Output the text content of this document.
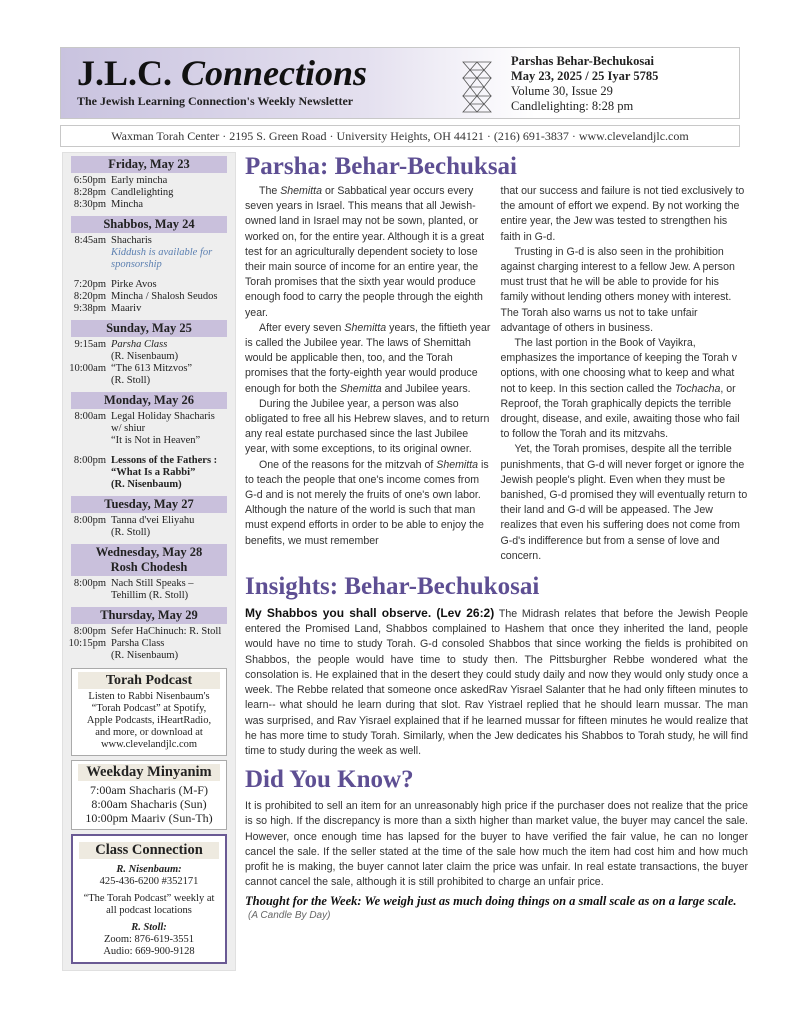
J.L.C. Connections
The Jewish Learning Connection's Weekly Newsletter
Parshas Behar-Bechukosai
May 23, 2025 / 25 Iyar 5785
Volume 30, Issue 29
Candlelighting: 8:28 pm
Waxman Torah Center · 2195 S. Green Road · University Heights, OH 44121 · (216) 691-3837 · www.clevelandjlc.com
Friday, May 23
6:50pm Early mincha
8:28pm Candlelighting
8:30pm Mincha
Shabbos, May 24
8:45am Shacharis
Kiddush is available for sponsorship
7:20pm Pirke Avos
8:20pm Mincha / Shalosh Seudos
9:38pm Maariv
Sunday, May 25
9:15am Parsha Class
(R. Nisenbaum)
10:00am “The 613 Mitzvos”
(R. Stoll)
Monday, May 26
8:00am Legal Holiday Shacharis
w/ shiur
“It is Not in Heaven”
8:00pm Lessons of the Fathers :
“What Is a Rabbi”
(R. Nisenbaum)
Tuesday, May 27
8:00pm Tanna d'vei Eliyahu
(R. Stoll)
Wednesday, May 28
Rosh Chodesh
8:00pm Nach Still Speaks –
Tehillim (R. Stoll)
Thursday, May 29
8:00pm Sefer HaChinuch: R. Stoll
10:15pm Parsha Class
(R. Nisenbaum)
Torah Podcast
Listen to Rabbi Nisenbaum's “Torah Podcast” at Spotify, Apple Podcasts, iHeartRadio, and more, or download at www.clevelandjlc.com
Weekday Minyanim
7:00am Shacharis (M-F)
8:00am Shacharis (Sun)
10:00pm Maariv (Sun-Th)
Class Connection
R. Nisenbaum:
425-436-6200 #352171
“The Torah Podcast” weekly at all podcast locations
R. Stoll:
Zoom: 876-619-3551
Audio: 669-900-9128
Parsha: Behar-Bechuksai

The Shemitta or Sabbatical year occurs every seven years in Israel. This means that all Jewish-owned land in Israel may not be sown, planted, or worked on, for the entire year. Although it is a great test for an agriculturally dependent society to lose their main source of income for an entire year, the Torah promises that the sixth year would produce enough food to carry the people through the eighth year.

After every seven Shemitta years, the fiftieth year is called the Jubilee year. The laws of Shemittah would be applicable then, too, and the Torah promises that the forty-eighth year would produce enough for both the Shemitta and Jubilee years.

During the Jubilee year, a person was also obligated to free all his Hebrew slaves, and to return any real estate purchased since the last Jubilee year, with some exceptions, to its original owner.

One of the reasons for the mitzvah of Shemitta is to teach the people that one's income comes from G-d and is not merely the fruits of one's own labor. Although the nature of the world is such that man must expend efforts in order to be able to enjoy the benefits, we must remember

that our success and failure is not tied exclusively to the amount of effort we expend. By not working the entire year, the Jew was tested to strengthen his faith in G-d.

Trusting in G-d is also seen in the prohibition against charging interest to a fellow Jew. A person must trust that he will be able to provide for his family without lending others money with interest. The Torah also warns us not to take unfair advantage of others in business.

The last portion in the Book of Vayikra, emphasizes the importance of keeping the Torah v options, with one choosing what to keep and what not to keep. In this section called the Tochacha, or Reproof, the Torah graphically depicts the terrible drought, disease, and exile, awaiting those who fail to follow the Torah and its mitzvahs.

Yet, the Torah promises, despite all the terrible punishments, that G-d will never forget or ignore the Jewish people's plight. Even when they must be banished, G-d promised they will eventually return to their land and G-d will be appeased. The Jew realizes that even his suffering does not come from G-d's indifference but from a sense of love and concern.

Insights: Behar-Bechukosai
My Shabbos you shall observe. (Lev 26:2) The Midrash relates that before the Jewish People entered the Promised Land, Shabbos complained to Hashem that once they inherited the land, people would have no time to study Torah. G-d consoled Shabbos that since working the fields is prohibited on Shabbos, the people would have time to study then. The Pittsburgher Rebbe wondered what the consolation is. He explained that in the desert they could study daily and now they would only study once a week. The Rebbe related that someone once askedRav Yisrael Salanter that he had only fifteen minutes to learn-- what should he learn during that slot. Rav Yistrael replied that he should learn mussar. The man was surprised, and Rav Yisrael explained that if he learned mussar for fifteen minutes he would realize that he has more time to study Torah. Similarly, when the Jew dedicates his Shabbos to Torah study, he will find time to study during the week as well.
Did You Know?
It is prohibited to sell an item for an unreasonably high price if the purchaser does not realize that the price is so high. If the discrepancy is more than a sixth higher than market value, the buyer may cancel the sale. However, once enough time has lapsed for the buyer to have verified the fair value, he can no longer cancel the sale. If the seller stated at the time of the sale how much the item had cost him and how much profit he is making, the buyer cannot later claim the price was unfair. In real estate transactions, the buyer cannot cancel the sale, although it is still prohibited to charge an unfair price.
Thought for the Week: We weigh just as much doing things on a small scale as on a large scale.
(A Candle By Day)
